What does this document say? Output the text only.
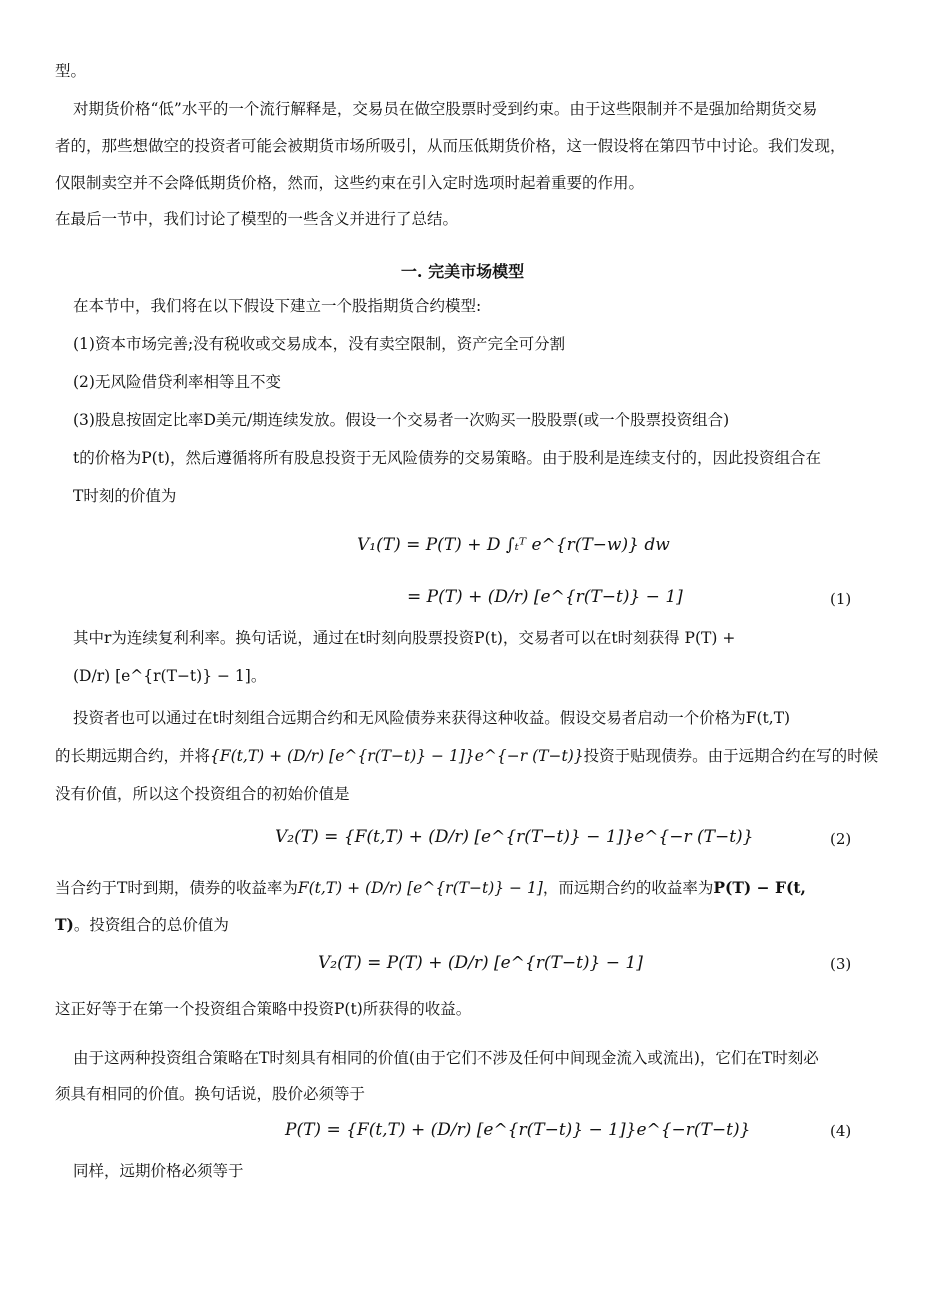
型。
对期货价格“低”水平的一个流行解释是，交易员在做空股票时受到约束。由于这些限制并不是强加给期货交易
者的，那些想做空的投资者可能会被期货市场所吸引，从而压低期货价格，这一假设将在第四节中讨论。我们发现，
仅限制卖空并不会降低期货价格，然而，这些约束在引入定时选项时起着重要的作用。
在最后一节中，我们讨论了模型的一些含义并进行了总结。
一. 完美市场模型
在本节中，我们将在以下假设下建立一个股指期货合约模型:
(1)资本市场完善;没有税收或交易成本，没有卖空限制，资产完全可分割
(2)无风险借贷利率相等且不变
(3)股息按固定比率D美元/期连续发放。假设一个交易者一次购买一股股票(或一个股票投资组合)
t的价格为P(t)，然后遵循将所有股息投资于无风险债券的交易策略。由于股利是连续支付的，因此投资组合在
T时刻的价值为
V₁(T) = P(T) + D ∫ₜᵀ e^{r(T−w)} dw
= P(T) + (D/r) [e^{r(T−t)} − 1]	(1)
其中r为连续复利利率。换句话说，通过在t时刻向股票投资P(t)，交易者可以在t时刻获得 P(T) +
(D/r) [e^{r(T−t)} − 1]。
投资者也可以通过在t时刻组合远期合约和无风险债券来获得这种收益。假设交易者启动一个价格为F(t,T)
的长期远期合约，并将{F(t,T) + (D/r) [e^{r(T−t)} − 1]}e^{−r (T−t)}投资于贴现债券。由于远期合约在写的时候
没有价值，所以这个投资组合的初始价值是
V₂(T) = {F(t,T) + (D/r) [e^{r(T−t)} − 1]}e^{−r (T−t)}	(2)
当合约于T时到期，债券的收益率为F(t,T) + (D/r) [e^{r(T−t)} − 1]，而远期合约的收益率为P(T) − F(t,
T)。投资组合的总价值为
V₂(T) = P(T) + (D/r) [e^{r(T−t)} − 1]	(3)
这正好等于在第一个投资组合策略中投资P(t)所获得的收益。
由于这两种投资组合策略在T时刻具有相同的价值(由于它们不涉及任何中间现金流入或流出)，它们在T时刻必
须具有相同的价值。换句话说，股价必须等于
P(T) = {F(t,T) + (D/r) [e^{r(T−t)} − 1]}e^{−r(T−t)}	(4)
同样，远期价格必须等于
